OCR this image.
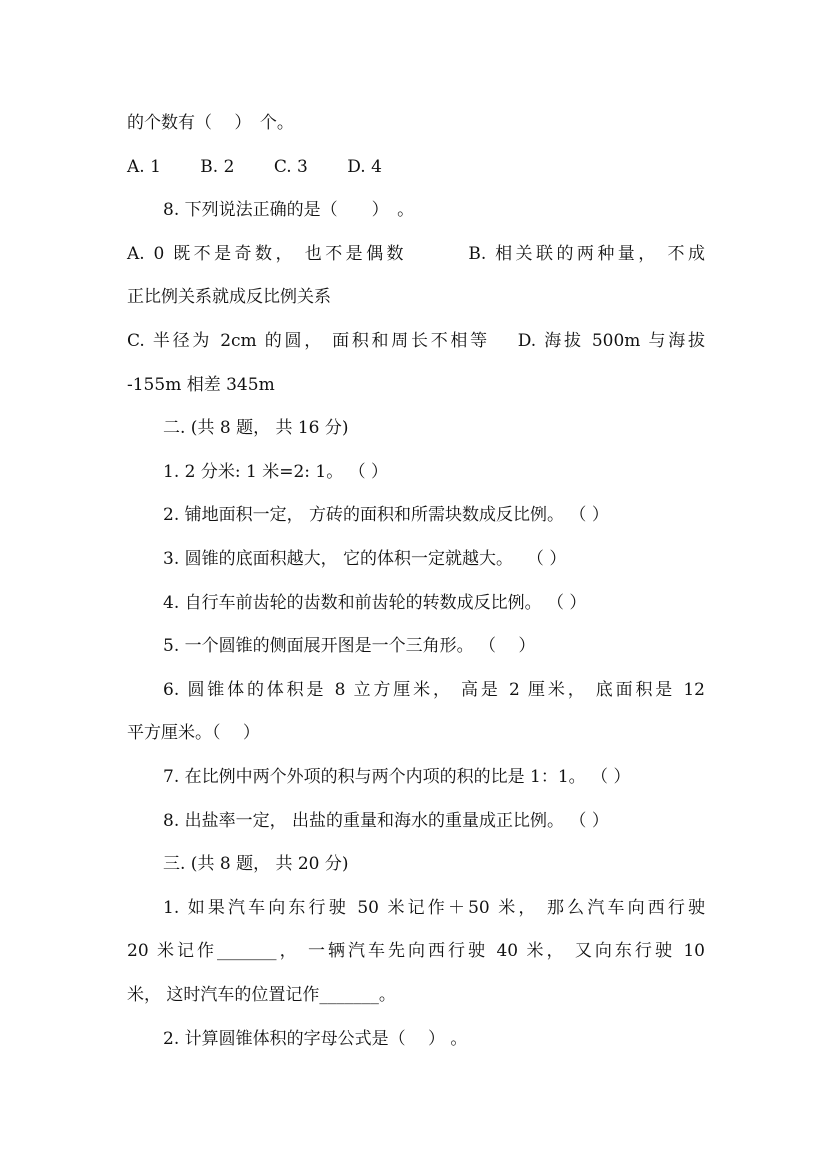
的个数有（　 ）　个。
A. 1　　 B. 2　　 C. 3　　 D. 4
8. 下列说法正确的是（　　）　。
A. 0 既不是奇数， 也不是偶数　　　B. 相关联的两种量， 不成
正比例关系就成反比例关系
C. 半径为 2cm 的圆， 面积和周长不相等　 D. 海拔 500m 与海拔
-155m 相差 345m
二. (共 8 题， 共 16 分)
1. 2 分米: 1 米=2: 1。 （ ）
2. 铺地面积一定， 方砖的面积和所需块数成反比例。 （ ）
3. 圆锥的底面积越大， 它的体积一定就越大。　 （ ）
4. 自行车前齿轮的齿数和前齿轮的转数成反比例。 （ ）
5. 一个圆锥的侧面展开图是一个三角形。 （　 ）
6. 圆锥体的体积是 8 立方厘米， 高是 2 厘米， 底面积是 12
平方厘米。（　 ）
7. 在比例中两个外项的积与两个内项的积的比是 1：1。 （ ）
8. 出盐率一定， 出盐的重量和海水的重量成正比例。 （ ）
三. (共 8 题， 共 20 分)
1. 如果汽车向东行驶 50 米记作＋50 米， 那么汽车向西行驶
20 米记作_______， 一辆汽车先向西行驶 40 米， 又向东行驶 10
米， 这时汽车的位置记作_______。
2. 计算圆锥体积的字母公式是（　 ） 。
